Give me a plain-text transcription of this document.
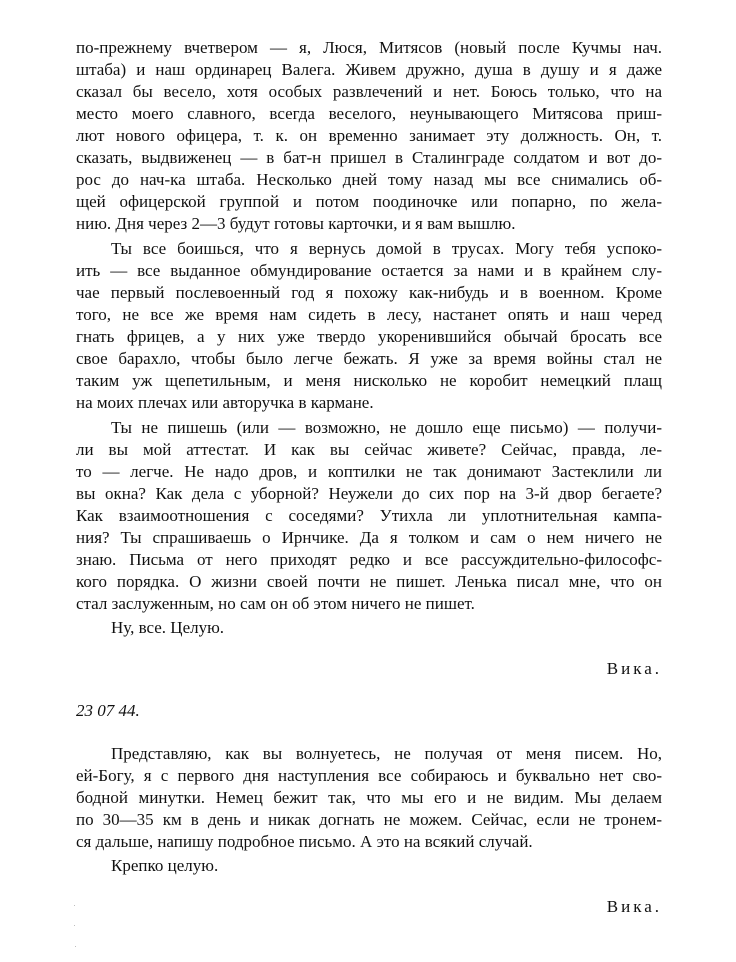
по-прежнему вчетвером — я, Люся, Митясов (новый после Кучмы нач.
штаба) и наш ординарец Валега. Живем дружно, душа в душу и я даже
сказал бы весело, хотя особых развлечений и нет. Боюсь только, что на
место моего славного, всегда веселого, неунывающего Митясова приш-
лют нового офицера, т. к. он временно занимает эту должность. Он, т.
сказать, выдвиженец — в бат-н пришел в Сталинграде солдатом и вот до-
рос до нач-ка штаба. Несколько дней тому назад мы все снимались об-
щей офицерской группой и потом поодиночке или попарно, по жела-
нию. Дня через 2—3 будут готовы карточки, и я вам вышлю.
Ты все боишься, что я вернусь домой в трусах. Могу тебя успоко-
ить — все выданное обмундирование остается за нами и в крайнем слу-
чае первый послевоенный год я похожу как-нибудь и в военном. Кроме
того, не все же время нам сидеть в лесу, настанет опять и наш черед
гнать фрицев, а у них уже твердо укоренившийся обычай бросать все
свое барахло, чтобы было легче бежать. Я уже за время войны стал не
таким уж щепетильным, и меня нисколько не коробит немецкий плащ
на моих плечах или авторучка в кармане.
Ты не пишешь (или — возможно, не дошло еще письмо) — получи-
ли вы мой аттестат. И как вы сейчас живете? Сейчас, правда, ле-
то — легче. Не надо дров, и коптилки не так донимают Застеклили ли
вы окна? Как дела с уборной? Неужели до сих пор на 3-й двор бегаете?
Как взаимоотношения с соседями? Утихла ли уплотнительная кампа-
ния? Ты спрашиваешь о Ирнчике. Да я толком и сам о нем ничего не
знаю. Письма от него приходят редко и все рассуждительно-философс-
кого порядка. О жизни своей почти не пишет. Ленька писал мне, что он
стал заслуженным, но сам он об этом ничего не пишет.
Ну, все. Целую.
Вика.
23 07 44.
Представляю, как вы волнуетесь, не получая от меня писем. Но,
ей-Богу, я с первого дня наступления все собираюсь и буквально нет сво-
бодной минутки. Немец бежит так, что мы его и не видим. Мы делаем
по 30—35 км в день и никак догнать не можем. Сейчас, если не тронем-
ся дальше, напишу подробное письмо. А это на всякий случай.
Крепко целую.
Вика.
